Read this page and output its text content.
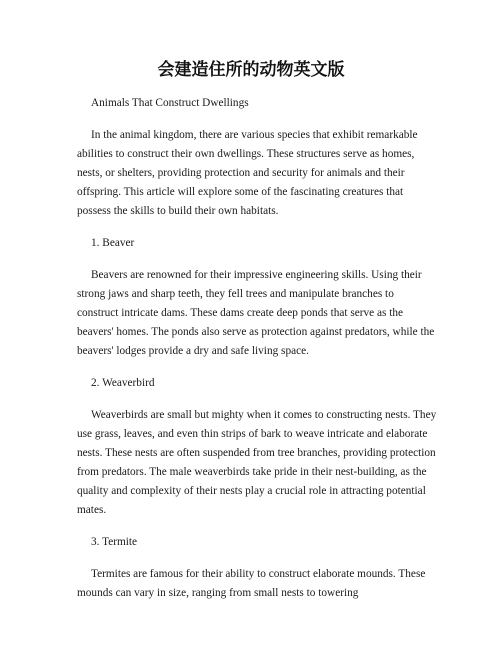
会建造住所的动物英文版

Animals That Construct Dwellings

In the animal kingdom, there are various species that exhibit remarkable abilities to construct their own dwellings. These structures serve as homes, nests, or shelters, providing protection and security for animals and their offspring. This article will explore some of the fascinating creatures that possess the skills to build their own habitats.

1. Beaver

Beavers are renowned for their impressive engineering skills. Using their strong jaws and sharp teeth, they fell trees and manipulate branches to construct intricate dams. These dams create deep ponds that serve as the beavers' homes. The ponds also serve as protection against predators, while the beavers' lodges provide a dry and safe living space.

2. Weaverbird

Weaverbirds are small but mighty when it comes to constructing nests. They use grass, leaves, and even thin strips of bark to weave intricate and elaborate nests. These nests are often suspended from tree branches, providing protection from predators. The male weaverbirds take pride in their nest-building, as the quality and complexity of their nests play a crucial role in attracting potential mates.

3. Termite

Termites are famous for their ability to construct elaborate mounds. These mounds can vary in size, ranging from small nests to towering
